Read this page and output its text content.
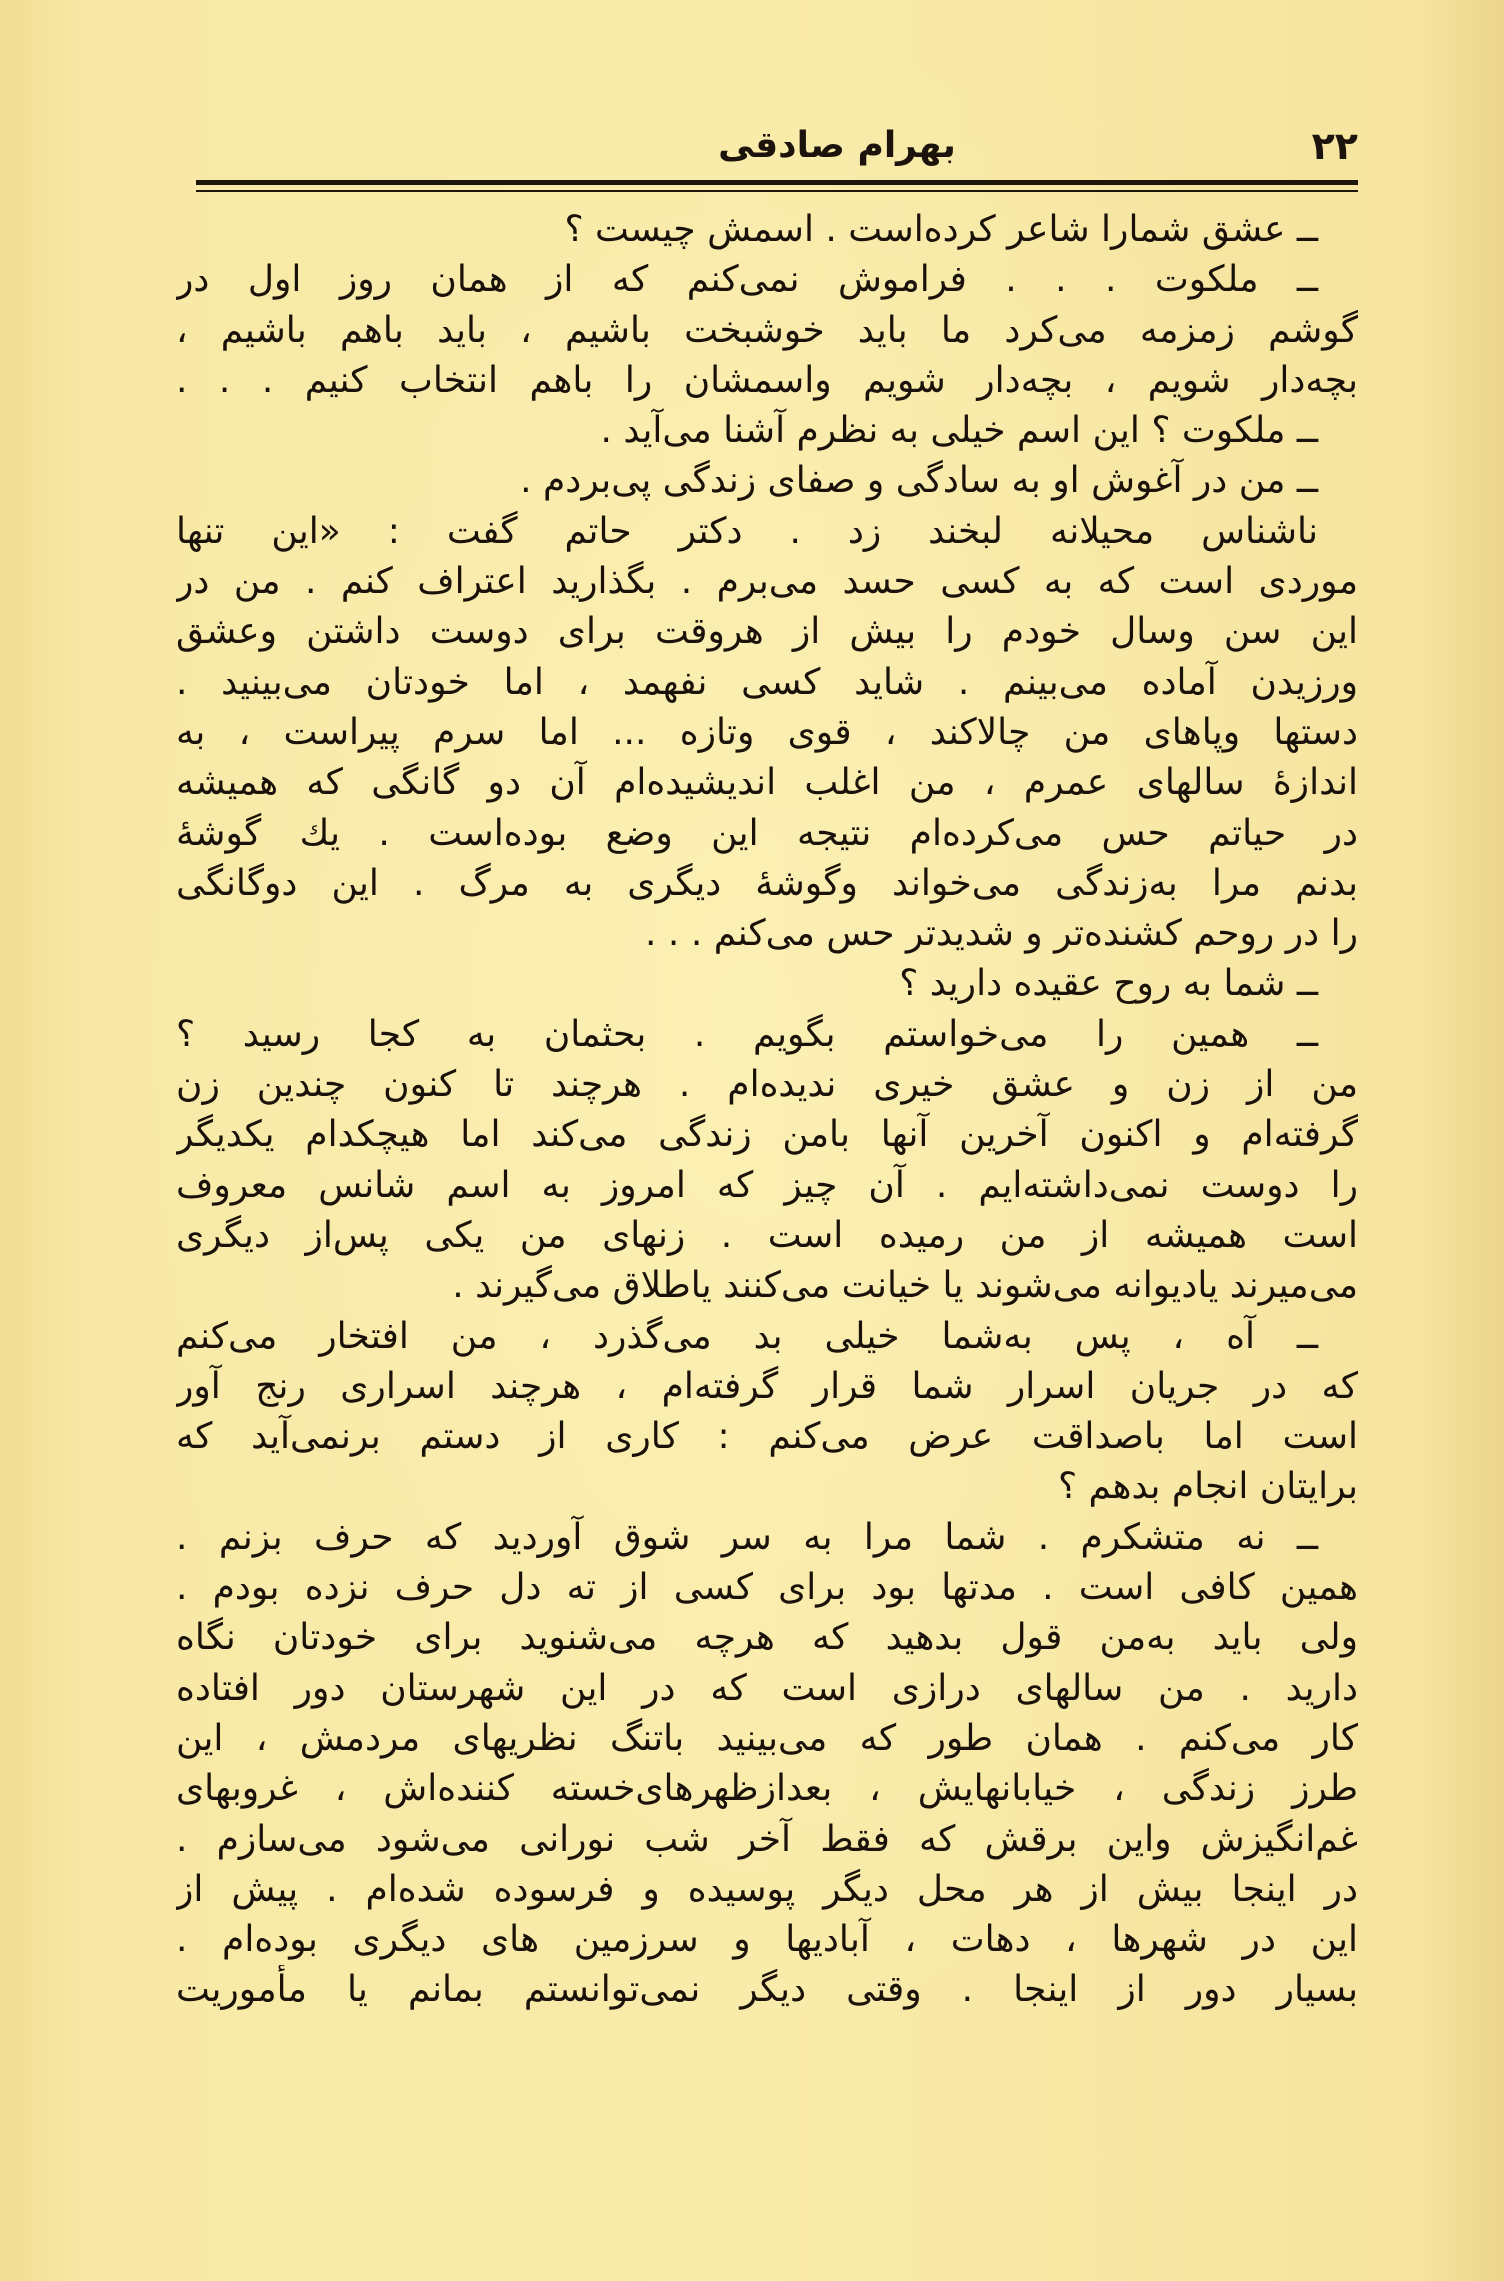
۲۲
بهرام صادقی
ــ عشق شمارا شاعر کرده‌است . اسمش چیست ؟
ــ ملکوت . . . فراموش نمی‌کنم که از همان روز اول در
گوشم زمزمه می‌کرد ما باید خوشبخت باشیم ، باید باهم باشیم ،
بچه‌دار شویم ، بچه‌دار شویم واسمشان را باهم انتخاب کنیم . . .
ــ ملکوت ؟ این اسم خیلی به نظرم آشنا می‌آید .
ــ من در آغوش او به سادگی و صفای زندگی پی‌بردم .
ناشناس محیلانه لبخند زد . دکتر حاتم گفت : «این تنها
موردی است که به کسی حسد می‌برم . بگذارید اعتراف کنم . من در
این سن وسال خودم را بیش از هروقت برای دوست داشتن وعشق
ورزیدن آماده می‌بینم . شاید کسی نفهمد ، اما خودتان می‌بینید .
دستها وپاهای من چالاکند ، قوی وتازه ... اما سرم پیراست ، به
اندازهٔ سالهای عمرم ، من اغلب اندیشیده‌ام آن دو گانگی که همیشه
در حیاتم حس می‌کرده‌ام نتیجه این وضع بوده‌است . یك گوشهٔ
بدنم مرا به‌زندگی می‌خواند وگوشهٔ دیگری به مرگ . این دوگانگی
را در روحم کشنده‌تر و شدیدتر حس می‌کنم . . .
ــ شما به روح عقیده دارید ؟
ــ همین را می‌خواستم بگویم . بحثمان به کجا رسید ؟
من از زن و عشق خیری ندیده‌ام . هرچند تا کنون چندین زن
گرفته‌ام و اکنون آخرین آنها بامن زندگی می‌کند اما هیچکدام یکدیگر
را دوست نمی‌داشته‌ایم . آن چیز که امروز به اسم شانس معروف
است همیشه از من رمیده است . زنهای من یکی پس‌از دیگری
می‌میرند یادیوانه می‌شوند یا خیانت می‌کنند یاطلاق می‌گیرند .
ــ آه ، پس به‌شما خیلی بد می‌گذرد ، من افتخار می‌کنم
که در جریان اسرار شما قرار گرفته‌ام ، هرچند اسراری رنج آور
است اما باصداقت عرض می‌کنم : کاری از دستم برنمی‌آید که
برایتان انجام بدهم ؟
ــ نه متشکرم . شما مرا به سر شوق آوردید که حرف بزنم .
همین کافی است . مدتها بود برای کسی از ته دل حرف نزده بودم .
ولی باید به‌من قول بدهید که هرچه می‌شنوید برای خودتان نگاه
دارید . من سالهای درازی است که در این شهرستان دور افتاده
کار می‌کنم . همان طور که می‌بینید باتنگ نظریهای مردمش ، این
طرز زندگی ، خیابانهایش ، بعدازظهرهای‌خسته کننده‌اش ، غروبهای
غم‌انگیزش واین برقش که فقط آخر شب نورانی می‌شود می‌سازم .
در اینجا بیش از هر محل دیگر پوسیده و فرسوده شده‌ام . پیش از
این در شهرها ، دهات ، آبادیها و سرزمین های دیگری بوده‌ام .
بسیار دور از اینجا . وقتی دیگر نمی‌توانستم بمانم یا مأموریت
